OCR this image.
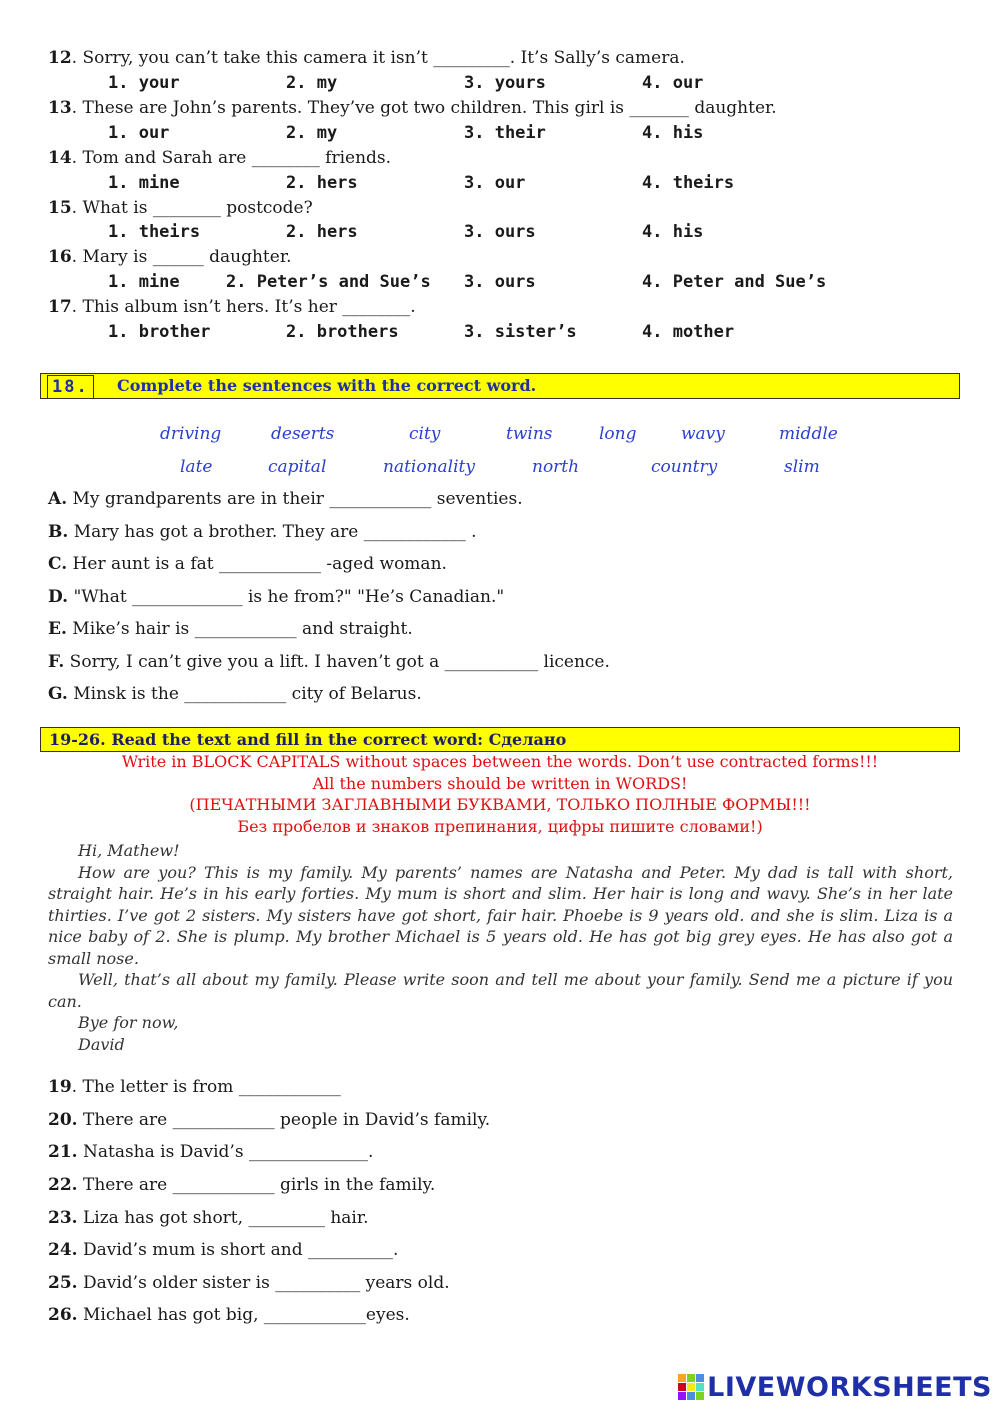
12. Sorry, you can’t take this camera it isn’t _________. It’s Sally’s camera.
1. your	2. my	3. yours	4. our
13. These are John’s parents. They’ve got two children. This girl is _______ daughter.
1. our	2. my	3. their	4. his
14. Tom and Sarah are ________ friends.
1. mine	2. hers	3. our	4. theirs
15. What is ________ postcode?
1. theirs	2. hers	3. ours	4. his
16. Mary is ______ daughter.
1. mine	2. Peter’s and Sue’s 3. ours	4. Peter and Sue’s
17. This album isn’t hers. It’s her ________.
1. brother	2. brothers	3. sister’s	4. mother
18.	Complete the sentences with the correct word.
driving	deserts	city	twins	long	wavy	middle
late	capital	nationality	north	country	slim
A. My grandparents are in their ____________ seventies.
B. Mary has got a brother. They are ____________ .
C. Her aunt is a fat ____________ -aged woman.
D. "What _____________ is he from?" "He’s Canadian."
E. Mike’s hair is ____________ and straight.
F. Sorry, I can’t give you a lift. I haven’t got a ___________ licence.
G. Minsk is the ____________ city of Belarus.
19-26. Read the text and fill in the correct word: Сделано
Write in BLOCK CAPITALS without spaces between the words. Don’t use contracted forms!!!
All the numbers should be written in WORDS!
(ПЕЧАТНЫМИ ЗАГЛАВНЫМИ БУКВАМИ, ТОЛЬКО ПОЛНЫЕ ФОРМЫ!!!
Без пробелов и знаков препинания, цифры пишите словами!)

Hi, Mathew!

How are you? This is my family. My parents’ names are Natasha and Peter. My dad is tall with short, straight hair. He’s in his early forties. My mum is short and slim. Her hair is long and wavy. She’s in her late thirties. I’ve got 2 sisters. My sisters have got short, fair hair. Phoebe is 9 years old. and she is slim. Liza is a nice baby of 2. She is plump. My brother Michael is 5 years old. He has got big grey eyes. He has also got a small nose.

Well, that’s all about my family. Please write soon and tell me about your family. Send me a picture if you can.

Bye for now,

David

19. The letter is from ____________
20. There are ____________ people in David’s family.
21. Natasha is David’s ______________.
22. There are ____________ girls in the family.
23. Liza has got short, _________ hair.
24. David’s mum is short and __________.
25. David’s older sister is __________ years old.
26. Michael has got big, ____________eyes.
LIVEWORKSHEETS
